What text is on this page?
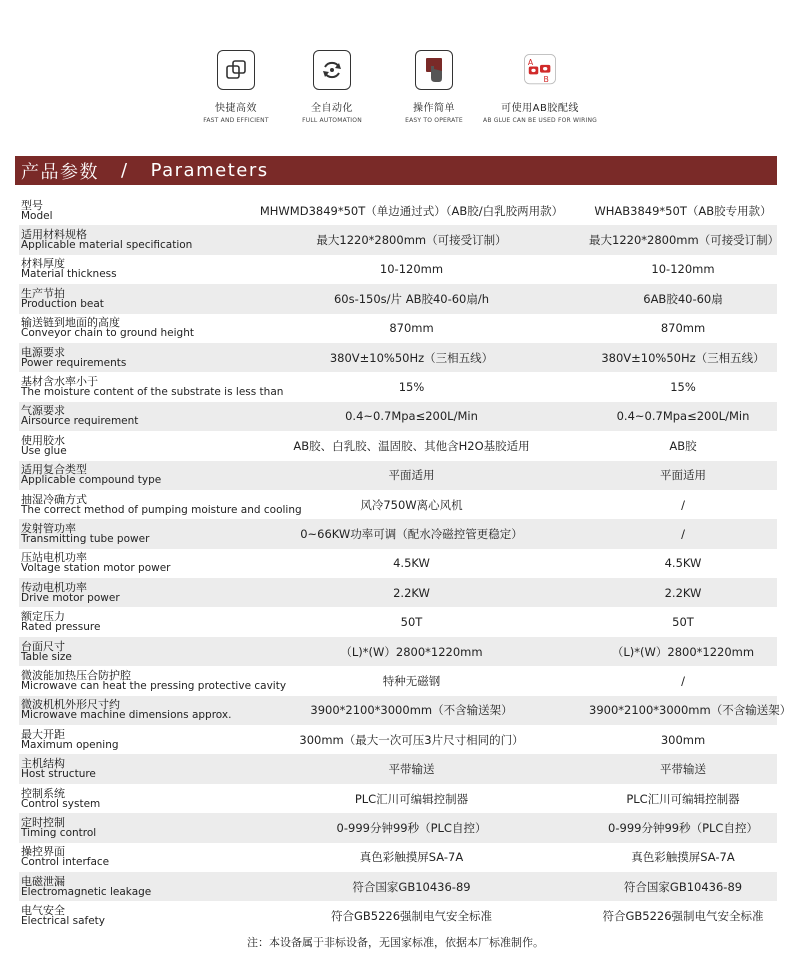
快捷高效
FAST AND EFFICIENT
全自动化
FULL AUTOMATION
操作简单
EASY TO OPERATE
A
B
可使用AB胶配线
AB GLUE CAN BE USED FOR WIRING
产品参数 / Parameters
型号
Model	MHWMD3849*50T（单边通过式）（AB胶/白乳胶两用款）	WHAB3849*50T（AB胶专用款）
适用材料规格
Applicable material specification	最大1220*2800mm（可接受订制）	最大1220*2800mm（可接受订制）
材料厚度
Material thickness	10-120mm	10-120mm
生产节拍
Production beat	60s-150s/片 AB胶40-60扇/h	6AB胶40-60扇
输送链到地面的高度
Conveyor chain to ground height	870mm	870mm
电源要求
Power requirements	380V±10%50Hz（三相五线）	380V±10%50Hz（三相五线）
基材含水率小于
The moisture content of the substrate is less than	15%	15%
气源要求
Airsource requirement	0.4~0.7Mpa≤200L/Min	0.4~0.7Mpa≤200L/Min
使用胶水
Use glue	AB胶、白乳胶、温固胶、其他含H2O基胶适用	AB胶
适用复合类型
Applicable compound type	平面适用	平面适用
抽湿冷确方式
The correct method of pumping moisture and cooling	风冷750W离心风机	/
发射管功率
Transmitting tube power	0~66KW功率可调（配水冷磁控管更稳定）	/
压站电机功率
Voltage station motor power	4.5KW	4.5KW
传动电机功率
Drive motor power	2.2KW	2.2KW
额定压力
Rated pressure	50T	50T
台面尺寸
Table size	（L)*(W）2800*1220mm	（L)*(W）2800*1220mm
微波能加热压合防护腔
Microwave can heat the pressing protective cavity	特种无磁钢	/
微波机机外形尺寸约
Microwave machine dimensions approx.	3900*2100*3000mm（不含输送架）	3900*2100*3000mm（不含输送架）
最大开距
Maximum opening	300mm（最大一次可压3片尺寸相同的门）	300mm
主机结构
Host structure	平带输送	平带输送
控制系统
Control system	PLC汇川可编辑控制器	PLC汇川可编辑控制器
定时控制
Timing control	0-999分钟99秒（PLC自控）	0-999分钟99秒（PLC自控）
操控界面
Control interface	真色彩触摸屏SA-7A	真色彩触摸屏SA-7A
电磁泄漏
Electromagnetic leakage	符合国家GB10436-89	符合国家GB10436-89
电气安全
Electrical safety	符合GB5226强制电气安全标准	符合GB5226强制电气安全标准
注：本设备属于非标设备，无国家标准，依据本厂标准制作。
